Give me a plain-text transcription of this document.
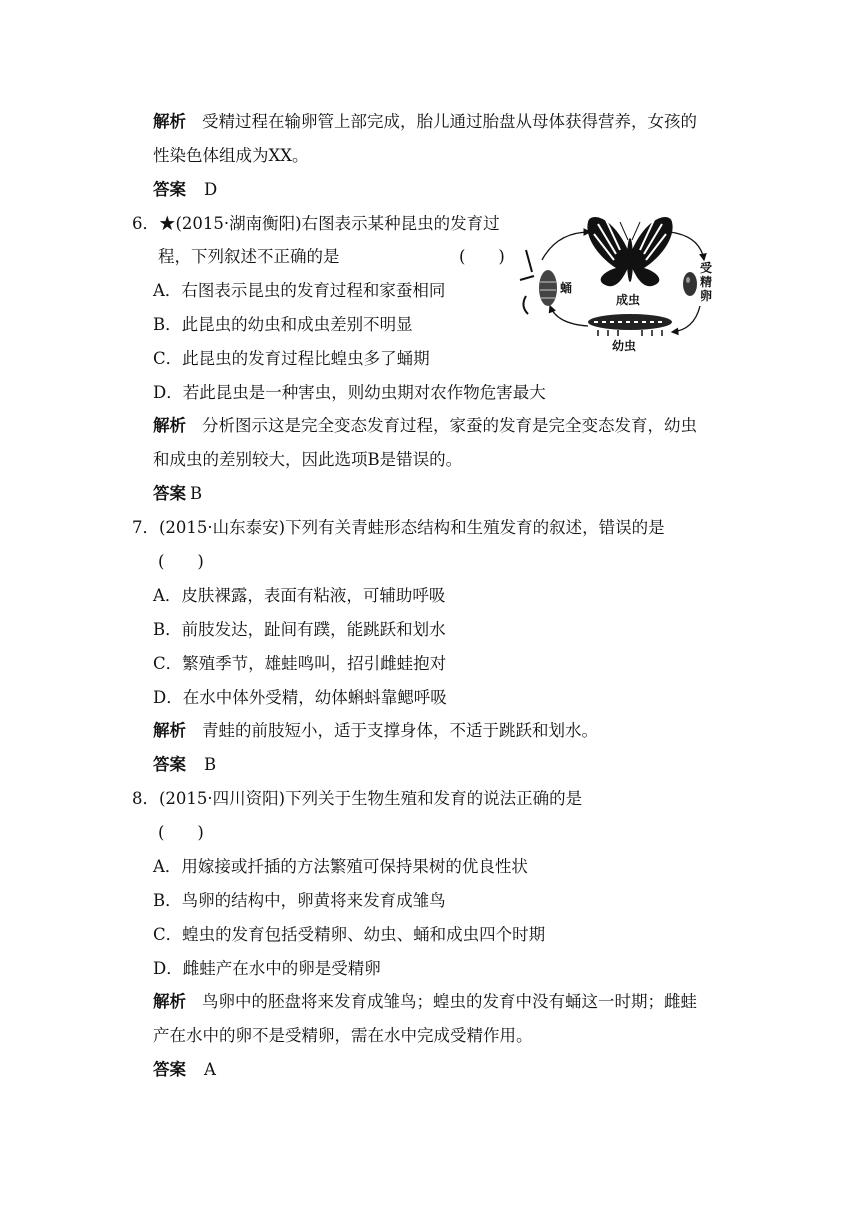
解析 受精过程在输卵管上部完成，胎儿通过胎盘从母体获得营养，女孩的
性染色体组成为XX。
答案 D
6．★(2015·湖南衡阳)右图表示某种昆虫的发育过
程，下列叙述不正确的是	(　　)
A．右图表示昆虫的发育过程和家蚕相同
B．此昆虫的幼虫和成虫差别不明显
C．此昆虫的发育过程比蝗虫多了蛹期
D．若此昆虫是一种害虫，则幼虫期对农作物危害最大
解析 分析图示这是完全变态发育过程，家蚕的发育是完全变态发育，幼虫
和成虫的差别较大，因此选项B是错误的。
答案 B
成虫
受
精
卵
幼虫
蛹
7．(2015·山东泰安)下列有关青蛙形态结构和生殖发育的叙述，错误的是
(　　)
A．皮肤裸露，表面有粘液，可辅助呼吸
B．前肢发达，趾间有蹼，能跳跃和划水
C．繁殖季节，雄蛙鸣叫，招引雌蛙抱对
D．在水中体外受精，幼体蝌蚪靠鳃呼吸
解析 青蛙的前肢短小，适于支撑身体，不适于跳跃和划水。
答案 B
8．(2015·四川资阳)下列关于生物生殖和发育的说法正确的是
(　　)
A．用嫁接或扦插的方法繁殖可保持果树的优良性状
B．鸟卵的结构中，卵黄将来发育成雏鸟
C．蝗虫的发育包括受精卵、幼虫、蛹和成虫四个时期
D．雌蛙产在水中的卵是受精卵
解析 鸟卵中的胚盘将来发育成雏鸟；蝗虫的发育中没有蛹这一时期；雌蛙
产在水中的卵不是受精卵，需在水中完成受精作用。
答案 A
